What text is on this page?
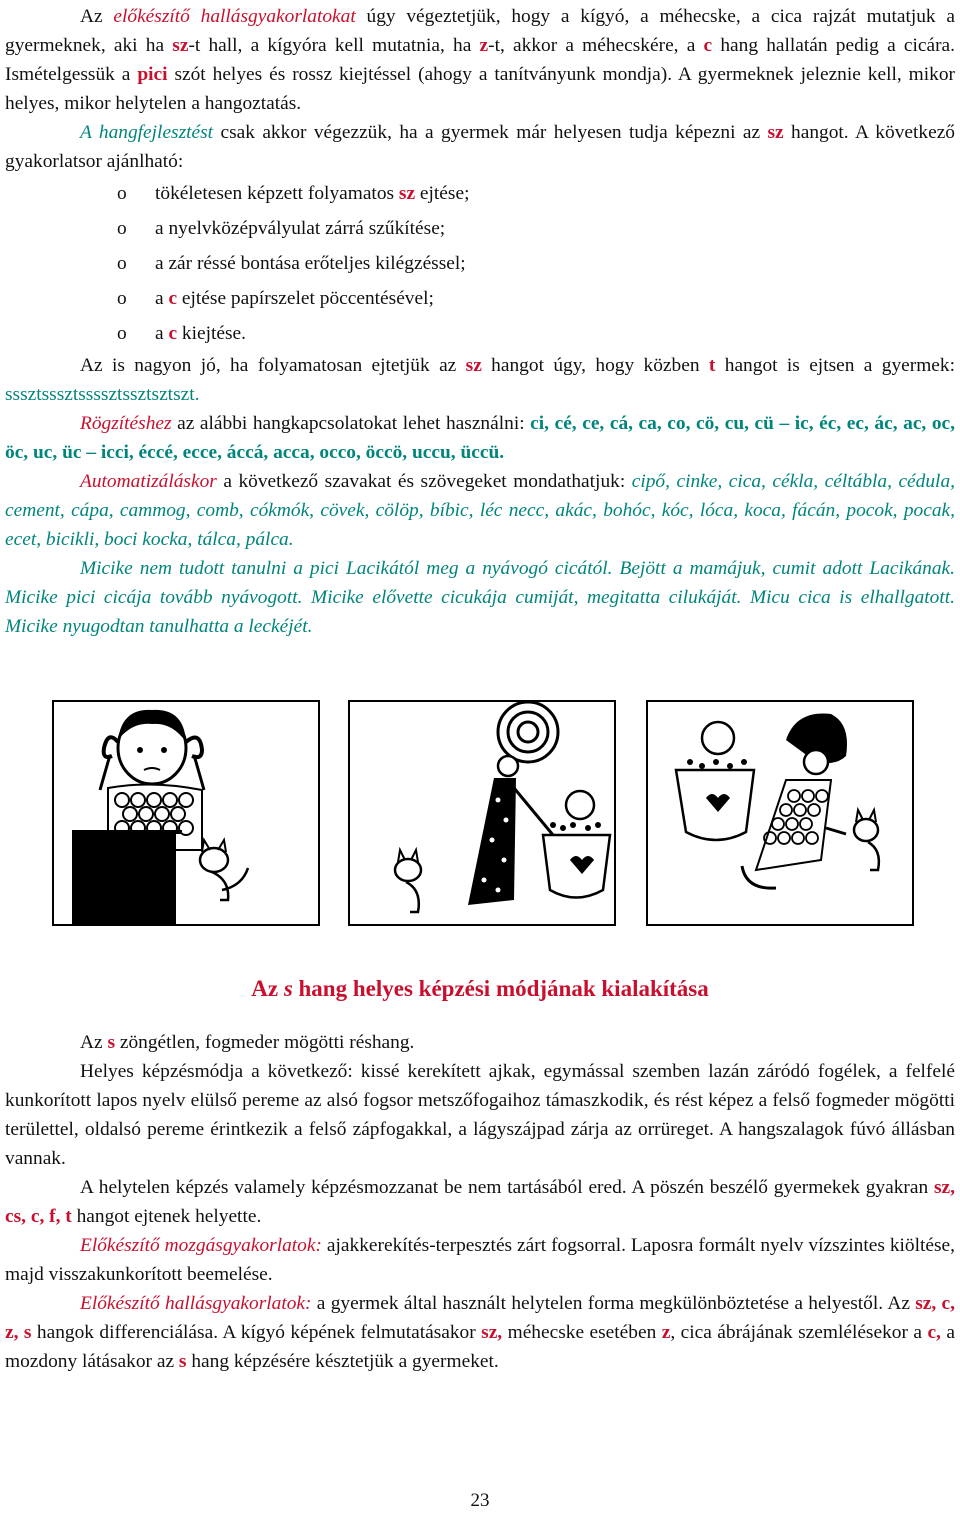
Az előkészítő hallásgyakorlatokat úgy végeztetjük, hogy a kígyó, a méhecske, a cica rajzát mutatjuk a gyermeknek, aki ha sz-t hall, a kígyóra kell mutatnia, ha z-t, akkor a méhecskére, a c hang hallatán pedig a cicára. Ismételgessük a pici szót helyes és rossz kiejtéssel (ahogy a tanítványunk mondja). A gyermeknek jeleznie kell, mikor helyes, mikor helytelen a hangoztatás.

A hangfejlesztést csak akkor végezzük, ha a gyermek már helyesen tudja képezni az sz hangot. A következő gyakorlatsor ajánlható:

o tökéletesen képzett folyamatos sz ejtése;
o a nyelvközépvályulat zárrá szűkítése;
o a zár réssé bontása erőteljes kilégzéssel;
o a c ejtése papírszelet pöccentésével;
o a c kiejtése.

Az is nagyon jó, ha folyamatosan ejtetjük az sz hangot úgy, hogy közben t hangot is ejtsen a gyermek: sssztsssztssssztssztsztszt.

Rögzítéshez az alábbi hangkapcsolatokat lehet használni: ci, cé, ce, cá, ca, co, cö, cu, cü – ic, éc, ec, ác, ac, oc, öc, uc, üc – icci, éccé, ecce, áccá, acca, occo, öccö, uccu, üccü.

Automatizáláskor a következő szavakat és szövegeket mondathatjuk: cipő, cinke, cica, cékla, céltábla, cédula, cement, cápa, cammog, comb, cókmók, cövek, cölöp, bíbic, léc necc, akác, bohóc, kóc, lóca, koca, fácán, pocok, pocak, ecet, bicikli, boci kocka, tálca, pálca.

Micike nem tudott tanulni a pici Lacikától meg a nyávogó cicától. Bejött a mamájuk, cumit adott Lacikának. Micike pici cicája tovább nyávogott. Micike elővette cicukája cumiját, megitatta cilukáját. Micu cica is elhallgatott. Micike nyugodtan tanulhatta a leckéjét.

Az s hang helyes képzési módjának kialakítása

Az s zöngétlen, fogmeder mögötti réshang.

Helyes képzésmódja a következő: kissé kerekített ajkak, egymással szemben lazán záródó fogélek, a felfelé kunkorított lapos nyelv elülső pereme az alsó fogsor metszőfogaihoz támaszkodik, és rést képez a felső fogmeder mögötti területtel, oldalsó pereme érintkezik a felső zápfogakkal, a lágyszájpad zárja az orrüreget. A hangszalagok fúvó állásban vannak.

A helytelen képzés valamely képzésmozzanat be nem tartásából ered. A pöszén beszélő gyermekek gyakran sz, cs, c, f, t hangot ejtenek helyette.

Előkészítő mozgásgyakorlatok: ajakkerekítés-terpesztés zárt fogsorral. Laposra formált nyelv vízszintes kiöltése, majd visszakunkorított beemelése.

Előkészítő hallásgyakorlatok: a gyermek által használt helytelen forma megkülönböztetése a helyestől. Az sz, c, z, s hangok differenciálása. A kígyó képének felmutatásakor sz, méhecske esetében z, cica ábrájának szemlélésekor a c, a mozdony látásakor az s hang képzésére késztetjük a gyermeket.

23
